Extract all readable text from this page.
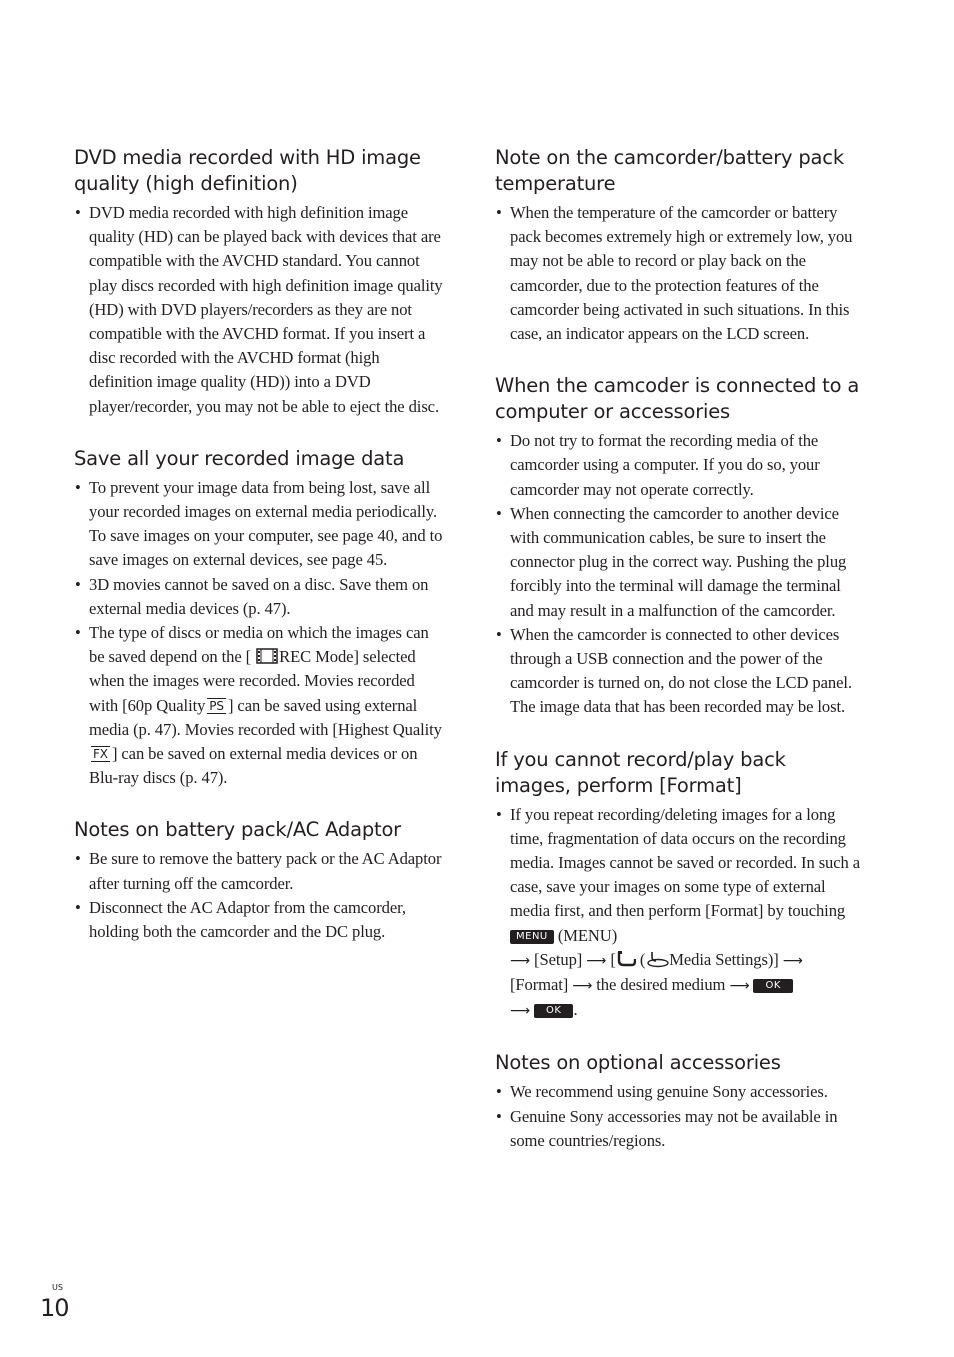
DVD media recorded with HD image quality (high definition)
• DVD media recorded with high definition image quality (HD) can be played back with devices that are compatible with the AVCHD standard. You cannot play discs recorded with high definition image quality (HD) with DVD players/recorders as they are not compatible with the AVCHD format. If you insert a disc recorded with the AVCHD format (high definition image quality (HD)) into a DVD player/recorder, you may not be able to eject the disc.
Save all your recorded image data
• To prevent your image data from being lost, save all your recorded images on external media periodically. To save images on your computer, see page 40, and to save images on external devices, see page 45.
• 3D movies cannot be saved on a disc. Save them on external media devices (p. 47).
• The type of discs or media on which the images can be saved depend on the [ REC Mode] selected when the images were recorded. Movies recorded with [60p Quality PS ] can be saved using external media (p. 47). Movies recorded with [Highest QualityFX ] can be saved on external media devices or on Blu-ray discs (p. 47).
Notes on battery pack/AC Adaptor
• Be sure to remove the battery pack or the AC Adaptor after turning off the camcorder.
• Disconnect the AC Adaptor from the camcorder, holding both the camcorder and the DC plug.
Note on the camcorder/battery pack temperature
• When the temperature of the camcorder or battery pack becomes extremely high or extremely low, you may not be able to record or play back on the camcorder, due to the protection features of the camcorder being activated in such situations. In this case, an indicator appears on the LCD screen.
When the camcoder is connected to a computer or accessories
• Do not try to format the recording media of the camcorder using a computer. If you do so, your camcorder may not operate correctly.
• When connecting the camcorder to another device with communication cables, be sure to insert the connector plug in the correct way. Pushing the plug forcibly into the terminal will damage the terminal and may result in a malfunction of the camcorder.
• When the camcorder is connected to other devices through a USB connection and the power of the camcorder is turned on, do not close the LCD panel. The image data that has been recorded may be lost.
If you cannot record/play back images, perform [Format]
• If you repeat recording/deleting images for a long time, fragmentation of data occurs on the recording media. Images cannot be saved or recorded. In such a case, save your images on some type of external media first, and then perform [Format] by touching MENU (MENU)
⟶ [Setup] ⟶ [ ( Media Settings)] ⟶
[Format] ⟶ the desired medium ⟶ OK
⟶ OK .
Notes on optional accessories
• We recommend using genuine Sony accessories.
• Genuine Sony accessories may not be available in some countries/regions.
US
10
